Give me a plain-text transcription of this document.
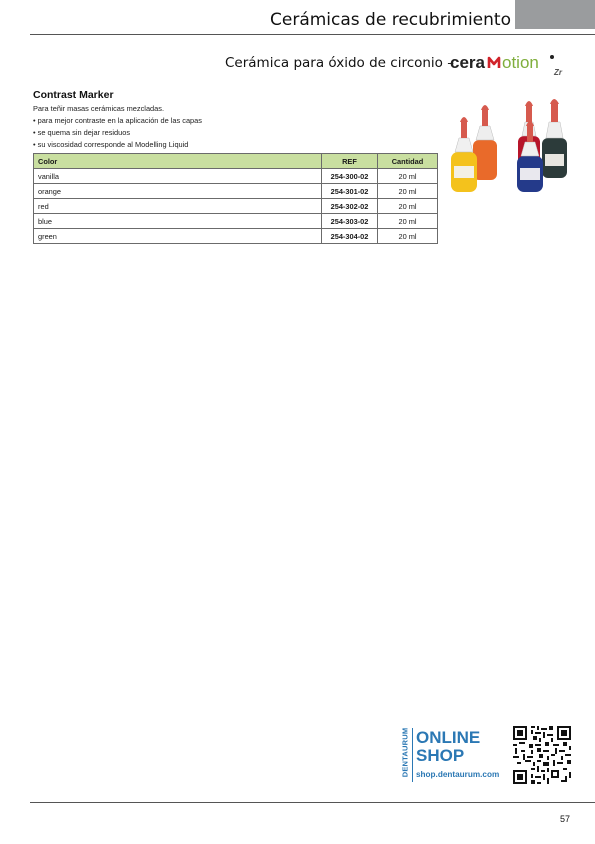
Cerámicas de recubrimiento
Cerámica para óxido de circonio –
cera otion
Zr
Contrast Marker
Para teñir masas cerámicas mezcladas.
• para mejor contraste en la aplicación de las capas
• se quema sin dejar residuos
• su viscosidad corresponde al Modelling Liquid
Color	REF	Cantidad
vanilla	254-300-02	20 ml
orange	254-301-02	20 ml
red	254-302-02	20 ml
blue	254-303-02	20 ml
green	254-304-02	20 ml
DENTAURUM ONLINE
SHOP
shop.dentaurum.com
57
